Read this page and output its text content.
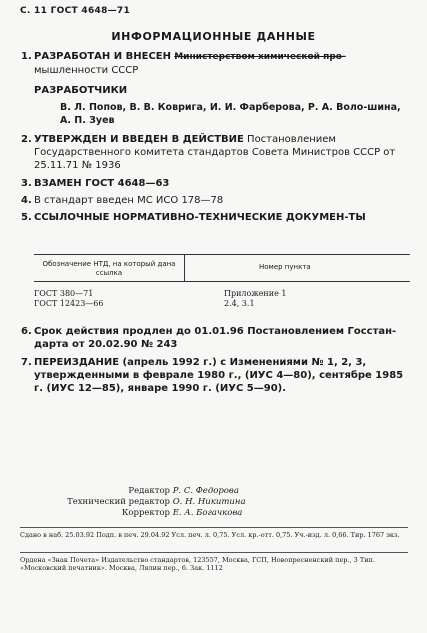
С. 11 ГОСТ 4648—71
ИНФОРМАЦИОННЫЕ ДАННЫЕ
1. РАЗРАБОТАН И ВНЕСЕН Министерством химической про-
мышленности СССР
РАЗРАБОТЧИКИ
В. Л. Попов, В. В. Коврига, И. И. Фарберова, Р. А. Воло-шина, А. П. Зуев
2. УТВЕРЖДЕН И ВВЕДЕН В ДЕЙСТВИЕ Постановлением Государственного комитета стандартов Совета Министров СССР от 25.11.71 № 1936
3. ВЗАМЕН ГОСТ 4648—63
4. В стандарт введен МС ИСО 178—78
5. ССЫЛОЧНЫЕ НОРМАТИВНО-ТЕХНИЧЕСКИЕ ДОКУМЕН-ТЫ
Обозначение НТД, на который дана ссылка
Номер пункта
ГОСТ 380—71	Приложение 1
ГОСТ 12423—66	2.4, 3.1
6. Срок действия продлен до 01.01.96 Постановлением Госстан-дарта от 20.02.90 № 243
7. ПЕРЕИЗДАНИЕ (апрель 1992 г.) с Изменениями № 1, 2, 3, утвержденными в феврале 1980 г., (ИУС 4—80), сентябре 1985 г. (ИУС 12—85), январе 1990 г. (ИУС 5—90).
Редактор Р. С. Федорова
Технический редактор О. Н. Никитина
Корректор Е. А. Богачкова
Сдано в наб. 25.03.92 Подп. в печ. 29.04.92 Усл. печ. л. 0,75. Усл. кр.-отт. 0,75. Уч.-изд. л. 0,66. Тир. 1767 экз.
Ордена «Знак Почета» Издательство стандартов, 123557, Москва, ГСП, Новопресненский пер., 3 Тип. «Московский печатник». Москва, Лялин пер., 6. Зак. 1112
